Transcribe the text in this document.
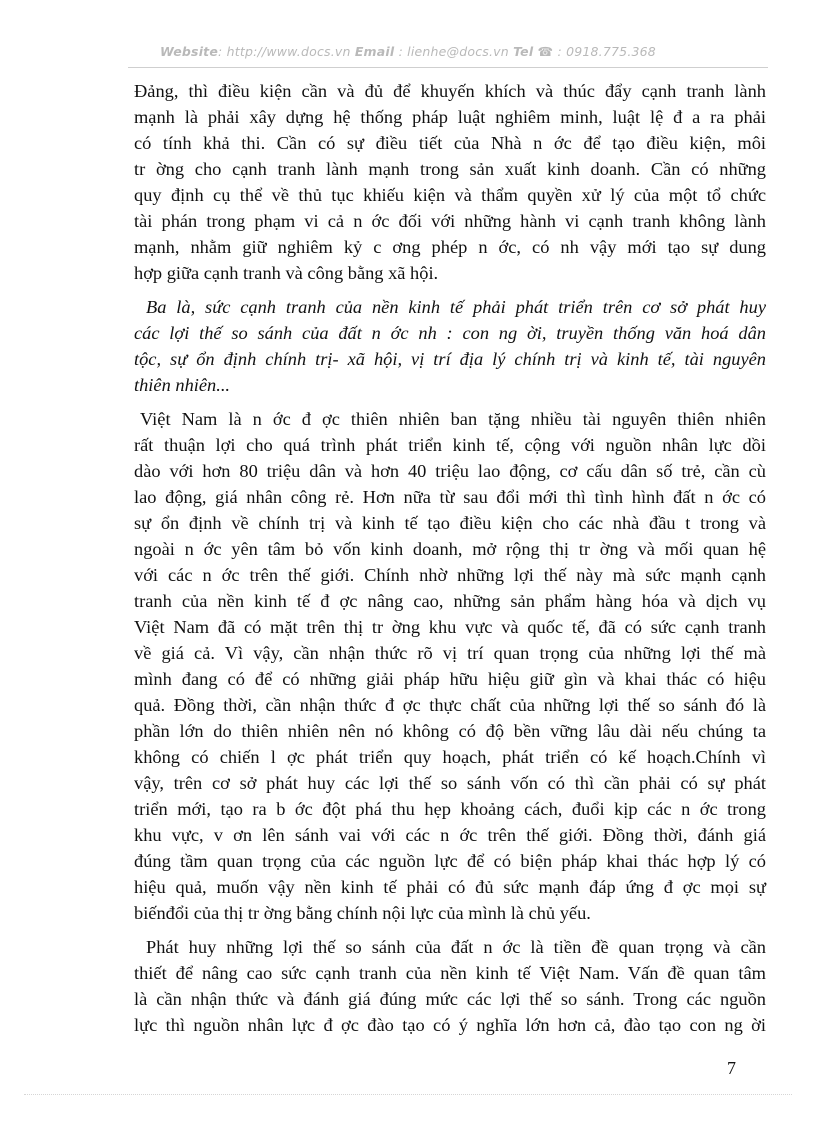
Website: http://www.docs.vn Email : lienhe@docs.vn Tel ☎ : 0918.775.368
Đảng, thì điều kiện cần và đủ để khuyến khích và thúc đẩy cạnh tranh lành
mạnh là phải xây dựng hệ thống pháp luật nghiêm minh, luật lệ đ a ra phải
có tính khả thi. Cần có sự điều tiết của Nhà n ớc để tạo điều kiện, môi
tr ờng cho cạnh tranh lành mạnh trong sản xuất kinh doanh. Cần có những
quy định cụ thể về thủ tục khiếu kiện và thẩm quyền xử lý của một tổ chức
tài phán trong phạm vi cả n ớc đối với những hành vi cạnh tranh không lành
mạnh, nhằm giữ nghiêm kỷ c ơng phép n ớc, có nh vậy mới tạo sự dung
hợp giữa cạnh tranh và công bằng xã hội.
Ba là, sức cạnh tranh của nền kinh tế phải phát triển trên cơ sở phát huy
các lợi thế so sánh của đất n ớc nh : con ng ời, truyền thống văn hoá dân
tộc, sự ổn định chính trị- xã hội, vị trí địa lý chính trị và kinh tế, tài nguyên
thiên nhiên...
Việt Nam là n ớc đ ợc thiên nhiên ban tặng nhiều tài nguyên thiên nhiên
rất thuận lợi cho quá trình phát triển kinh tế, cộng với nguồn nhân lực dồi
dào với hơn 80 triệu dân và hơn 40 triệu lao động, cơ cấu dân số trẻ, cần cù
lao động, giá nhân công rẻ. Hơn nữa từ sau đổi mới thì tình hình đất n ớc có
sự ổn định về chính trị và kinh tế tạo điều kiện cho các nhà đầu t trong và
ngoài n ớc yên tâm bỏ vốn kinh doanh, mở rộng thị tr ờng và mối quan hệ
với các n ớc trên thế giới. Chính nhờ những lợi thế này mà sức mạnh cạnh
tranh của nền kinh tế đ ợc nâng cao, những sản phẩm hàng hóa và dịch vụ
Việt Nam đã có mặt trên thị tr ờng khu vực và quốc tế, đã có sức cạnh tranh
về giá cả. Vì vậy, cần nhận thức rõ vị trí quan trọng của những lợi thế mà
mình đang có để có những giải pháp hữu hiệu giữ gìn và khai thác có hiệu
quả. Đồng thời, cần nhận thức đ ợc thực chất của những lợi thế so sánh đó là
phần lớn do thiên nhiên nên nó không có độ bền vững lâu dài nếu chúng ta
không có chiến l ợc phát triển quy hoạch, phát triển có kế hoạch.Chính vì
vậy, trên cơ sở phát huy các lợi thế so sánh vốn có thì cần phải có sự phát
triển mới, tạo ra b ớc đột phá thu hẹp khoảng cách, đuổi kịp các n ớc trong
khu vực, v ơn lên sánh vai với các n ớc trên thế giới. Đồng thời, đánh giá
đúng tầm quan trọng của các nguồn lực để có biện pháp khai thác hợp lý có
hiệu quả, muốn vậy nền kinh tế phải có đủ sức mạnh đáp ứng đ ợc mọi sự
biếnđổi của thị tr ờng bằng chính nội lực của mình là chủ yếu.
Phát huy những lợi thế so sánh của đất n ớc là tiền đề quan trọng và cần
thiết để nâng cao sức cạnh tranh của nền kinh tế Việt Nam. Vấn đề quan tâm
là cần nhận thức và đánh giá đúng mức các lợi thế so sánh. Trong các nguồn
lực thì nguồn nhân lực đ ợc đào tạo có ý nghĩa lớn hơn cả, đào tạo con ng ời
7
